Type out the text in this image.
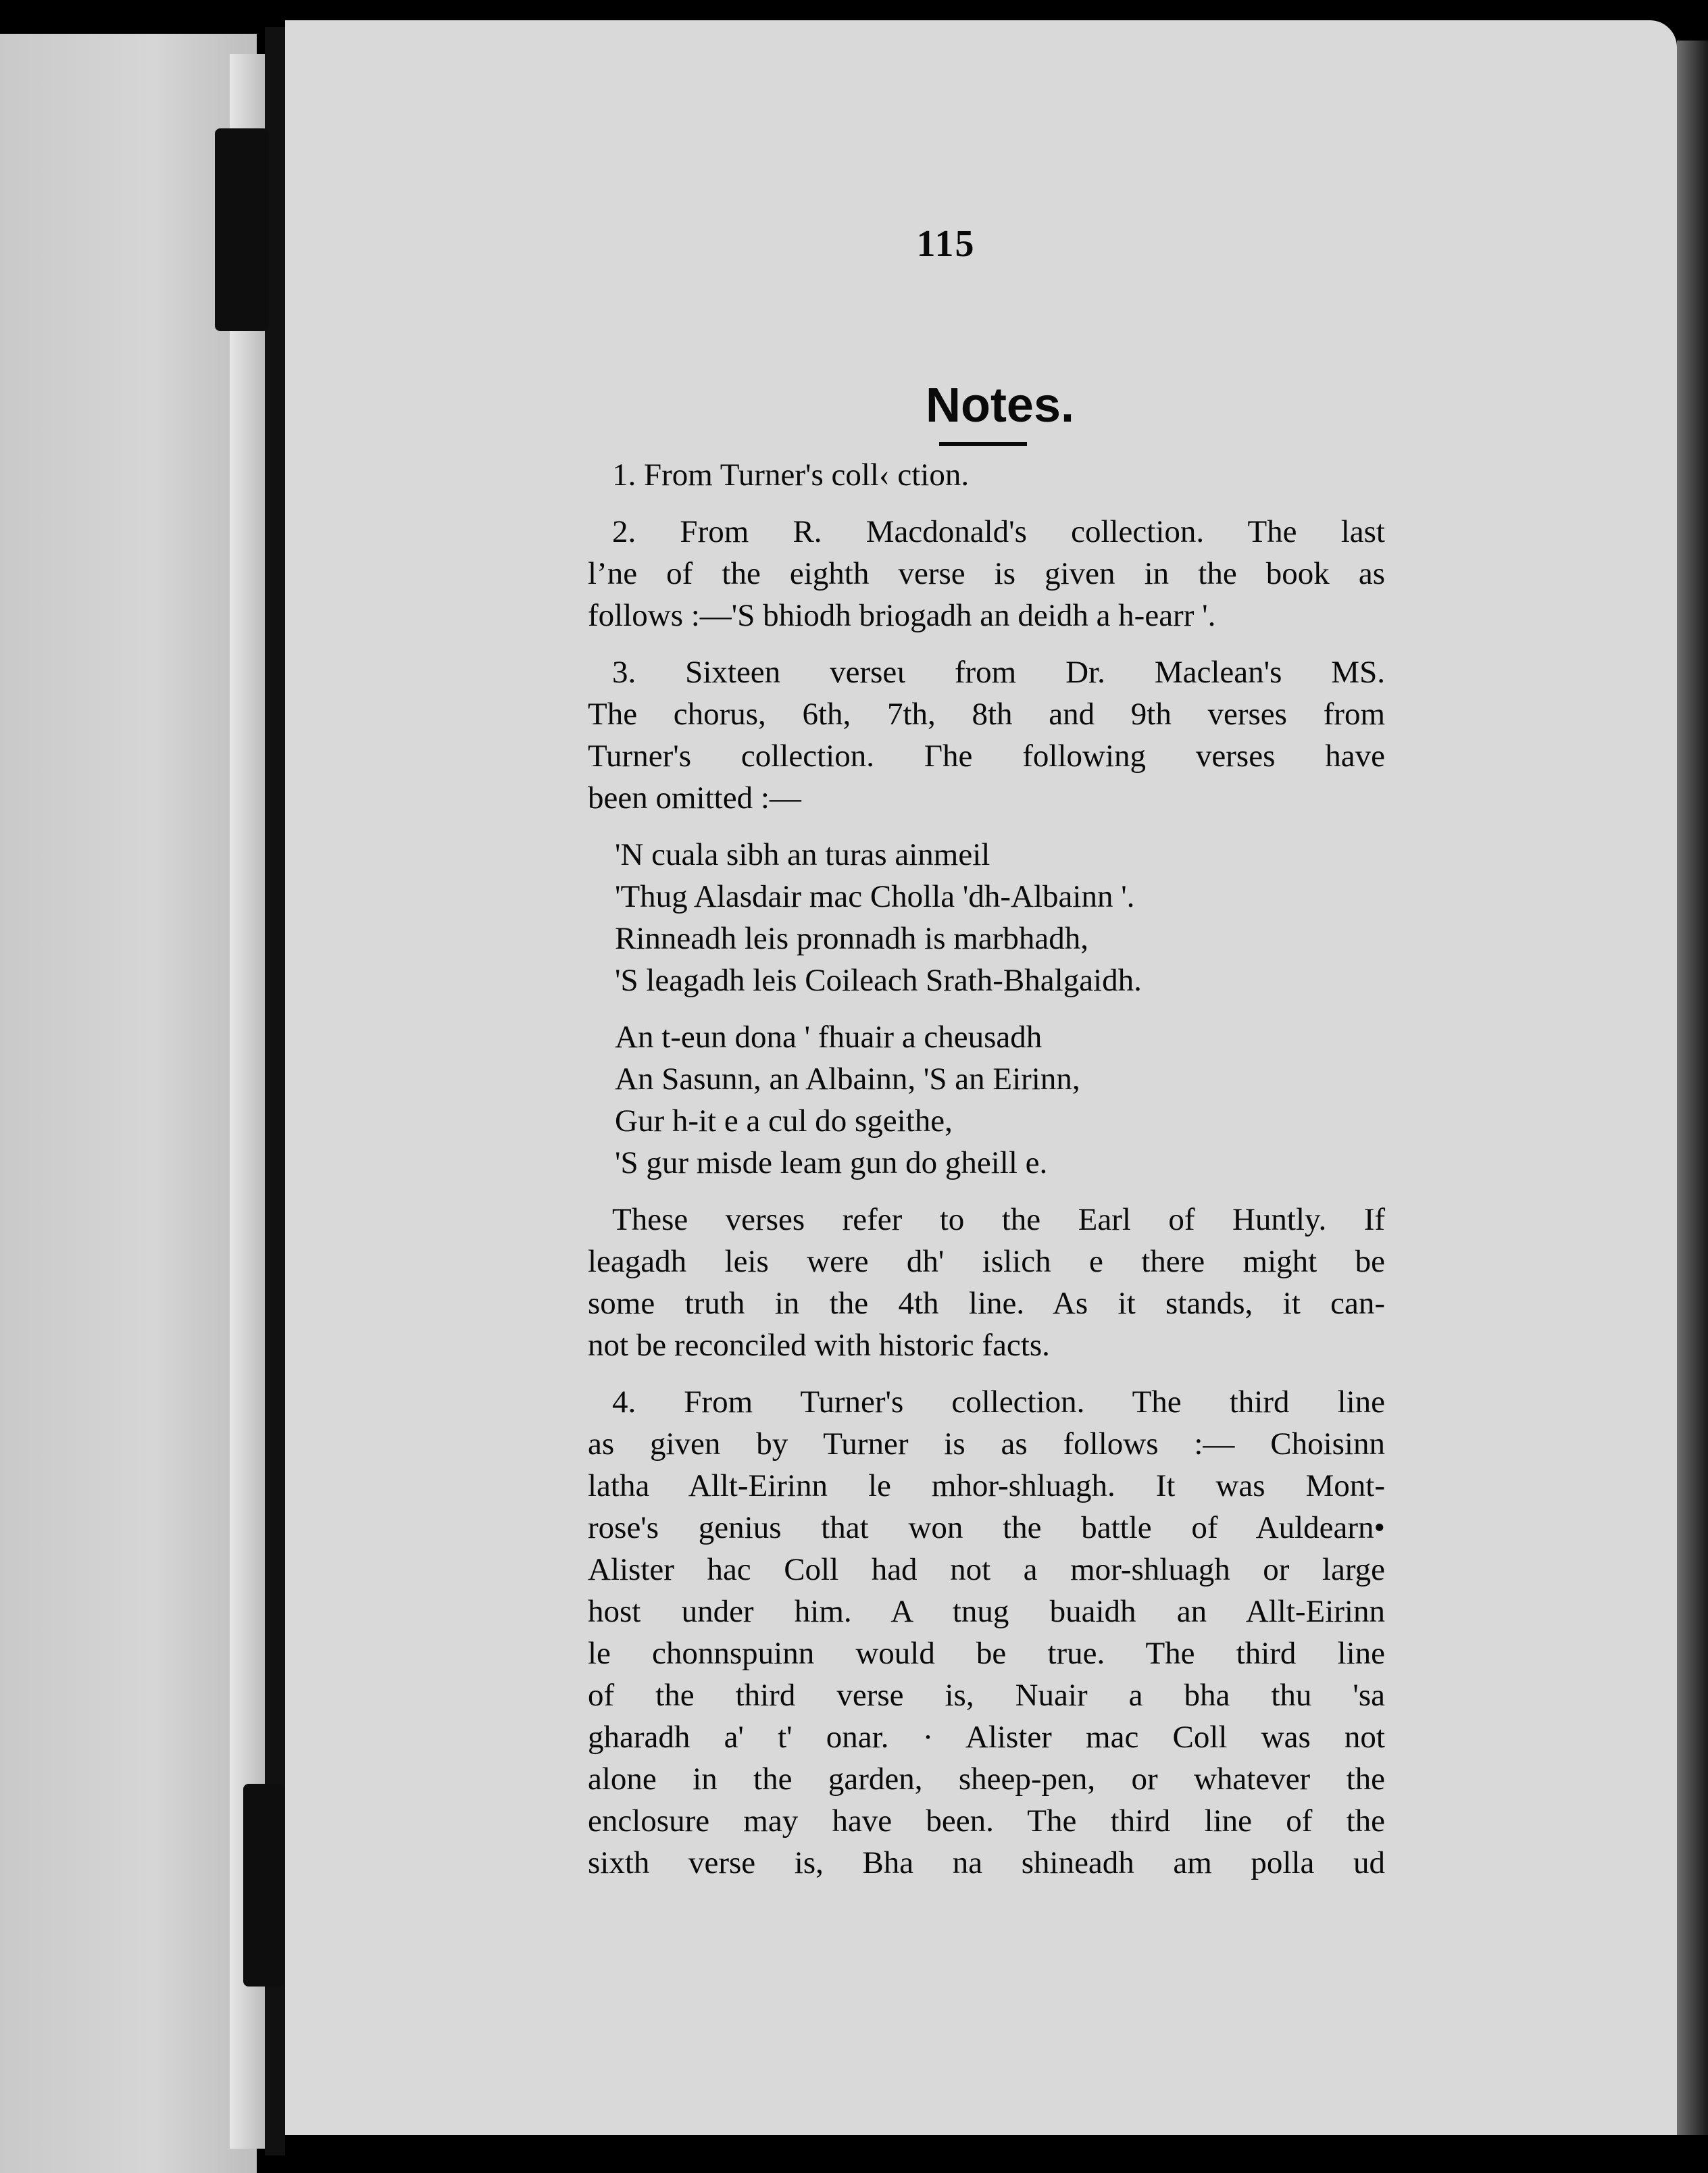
115
Notes.
1. From Turner's coll‹ ction.
2. From R. Macdonald's collection. The last
l’ne of the eighth verse is given in the book as
follows :—'S bhiodh briogadh an deidh a h-earr '.
3. Sixteen verseι from Dr. Maclean's MS.
The chorus, 6th, 7th, 8th and 9th verses from
Turner's collection. Γhe following verses have
been omitted :—
'N cuala sibh an turas ainmeil
'Thug Alasdair mac Cholla 'dh-Albainn '.
Rinneadh leis pronnadh is marbhadh,
'S leagadh leis Coileach Srath-Bhalgaidh.
An t-eun dona ' fhuair a cheusadh
An Sasunn, an Albainn, 'S an Eirinn,
Gur h-it e a cul do sgeithe,
'S gur misde leam gun do gheill e.
These verses refer to the Earl of Huntly. If
leagadh leis were dh' islich e there might be
some truth in the 4th line. As it stands, it can-
not be reconciled with historic facts.
4. From Turner's collection. The third line
as given by Turner is as follows :— Choisinn
latha Allt-Eirinn le mhor-shluagh. It was Mont-
rose's genius that won the battle of Auldearn•
Alister hac Coll had not a mor-shluagh or large
host under him. A tnug buaidh an Allt-Eirinn
le chonnspuinn would be true. The third line
of the third verse is, Nuair a bha thu 'sa
gharadh a' t' onar. · Alister mac Coll was not
alone in the garden, sheep-pen, or whatever the
enclosure may have been. The third line of the
sixth verse is, Bha na shineadh am polla ud
